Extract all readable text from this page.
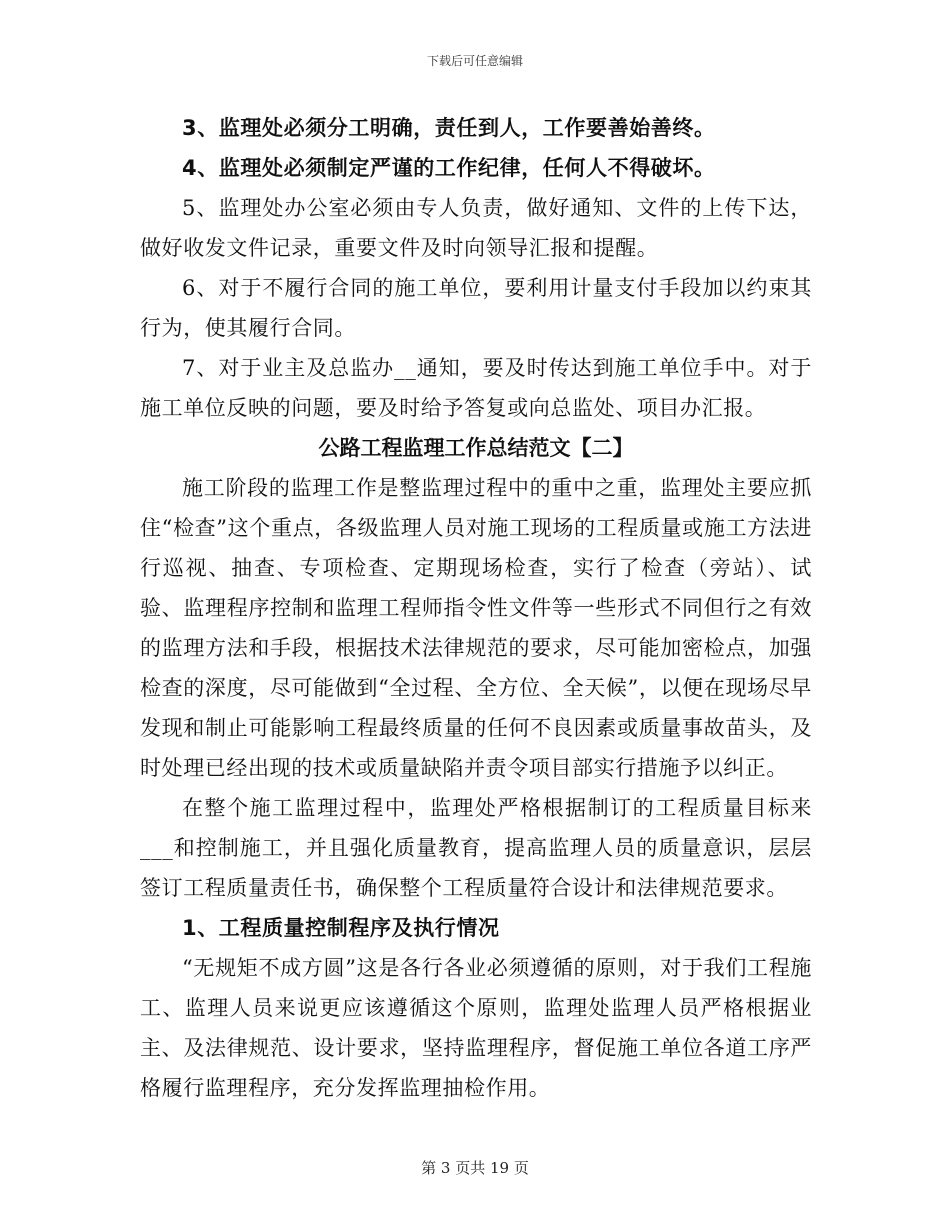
下载后可任意编辑

3、监理处必须分工明确，责任到人，工作要善始善终。

4、监理处必须制定严谨的工作纪律，任何人不得破坏。

5、监理处办公室必须由专人负责，做好通知、文件的上传下达，做好收发文件记录，重要文件及时向领导汇报和提醒。

6、对于不履行合同的施工单位，要利用计量支付手段加以约束其行为，使其履行合同。

7、对于业主及总监办__通知，要及时传达到施工单位手中。对于施工单位反映的问题，要及时给予答复或向总监处、项目办汇报。

公路工程监理工作总结范文【二】

施工阶段的监理工作是整监理过程中的重中之重，监理处主要应抓住“检查”这个重点，各级监理人员对施工现场的工程质量或施工方法进行巡视、抽查、专项检查、定期现场检查，实行了检查（旁站）、试验、监理程序控制和监理工程师指令性文件等一些形式不同但行之有效的监理方法和手段，根据技术法律规范的要求，尽可能加密检点，加强检查的深度，尽可能做到“全过程、全方位、全天候”，以便在现场尽早发现和制止可能影响工程最终质量的任何不良因素或质量事故苗头，及时处理已经出现的技术或质量缺陷并责令项目部实行措施予以纠正。

在整个施工监理过程中，监理处严格根据制订的工程质量目标来___和控制施工，并且强化质量教育，提高监理人员的质量意识，层层签订工程质量责任书，确保整个工程质量符合设计和法律规范要求。

1、工程质量控制程序及执行情况

“无规矩不成方圆”这是各行各业必须遵循的原则，对于我们工程施工、监理人员来说更应该遵循这个原则，监理处监理人员严格根据业主、及法律规范、设计要求，坚持监理程序，督促施工单位各道工序严格履行监理程序，充分发挥监理抽检作用。

第 3 页共 19 页
